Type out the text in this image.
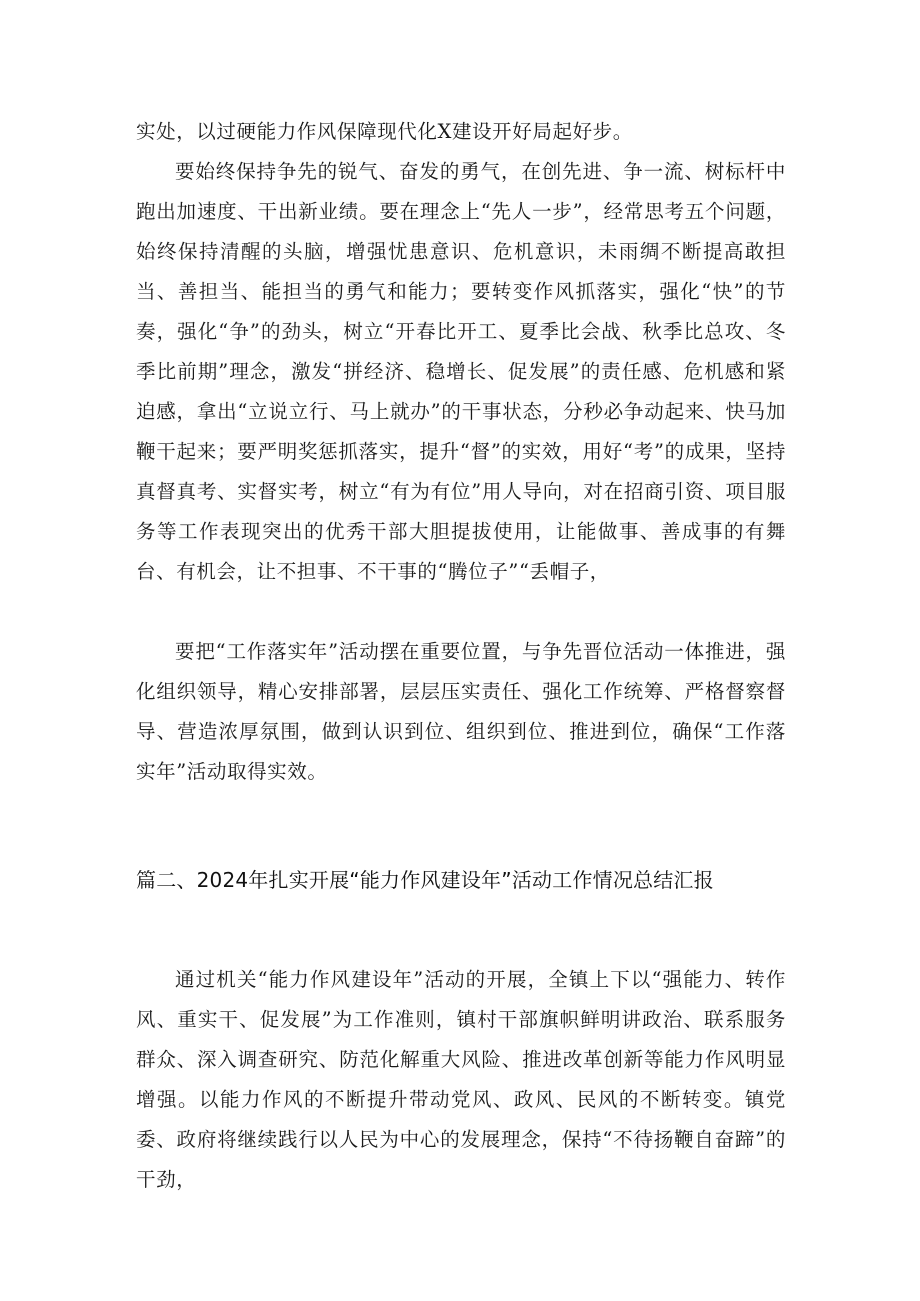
实处，以过硬能力作风保障现代化X建设开好局起好步。

要始终保持争先的锐气、奋发的勇气，在创先进、争一流、树标杆中跑出加速度、干出新业绩。要在理念上“先人一步”，经常思考五个问题，始终保持清醒的头脑，增强忧患意识、危机意识，未雨绸不断提高敢担当、善担当、能担当的勇气和能力；要转变作风抓落实，强化“快”的节奏，强化“争”的劲头，树立“开春比开工、夏季比会战、秋季比总攻、冬季比前期”理念，激发“拼经济、稳增长、促发展”的责任感、危机感和紧迫感，拿出“立说立行、马上就办”的干事状态，分秒必争动起来、快马加鞭干起来；要严明奖惩抓落实，提升“督”的实效，用好“考”的成果，坚持真督真考、实督实考，树立“有为有位”用人导向，对在招商引资、项目服务等工作表现突出的优秀干部大胆提拔使用，让能做事、善成事的有舞台、有机会，让不担事、不干事的“腾位子”“丢帽子，

要把“工作落实年”活动摆在重要位置，与争先晋位活动一体推进，强化组织领导，精心安排部署，层层压实责任、强化工作统筹、严格督察督导、营造浓厚氛围，做到认识到位、组织到位、推进到位，确保“工作落实年”活动取得实效。

篇二、2024年扎实开展“能力作风建设年”活动工作情况总结汇报

通过机关“能力作风建设年”活动的开展，全镇上下以“强能力、转作风、重实干、促发展”为工作准则，镇村干部旗帜鲜明讲政治、联系服务群众、深入调查研究、防范化解重大风险、推进改革创新等能力作风明显增强。以能力作风的不断提升带动党风、政风、民风的不断转变。镇党委、政府将继续践行以人民为中心的发展理念，保持“不待扬鞭自奋蹄”的干劲，
